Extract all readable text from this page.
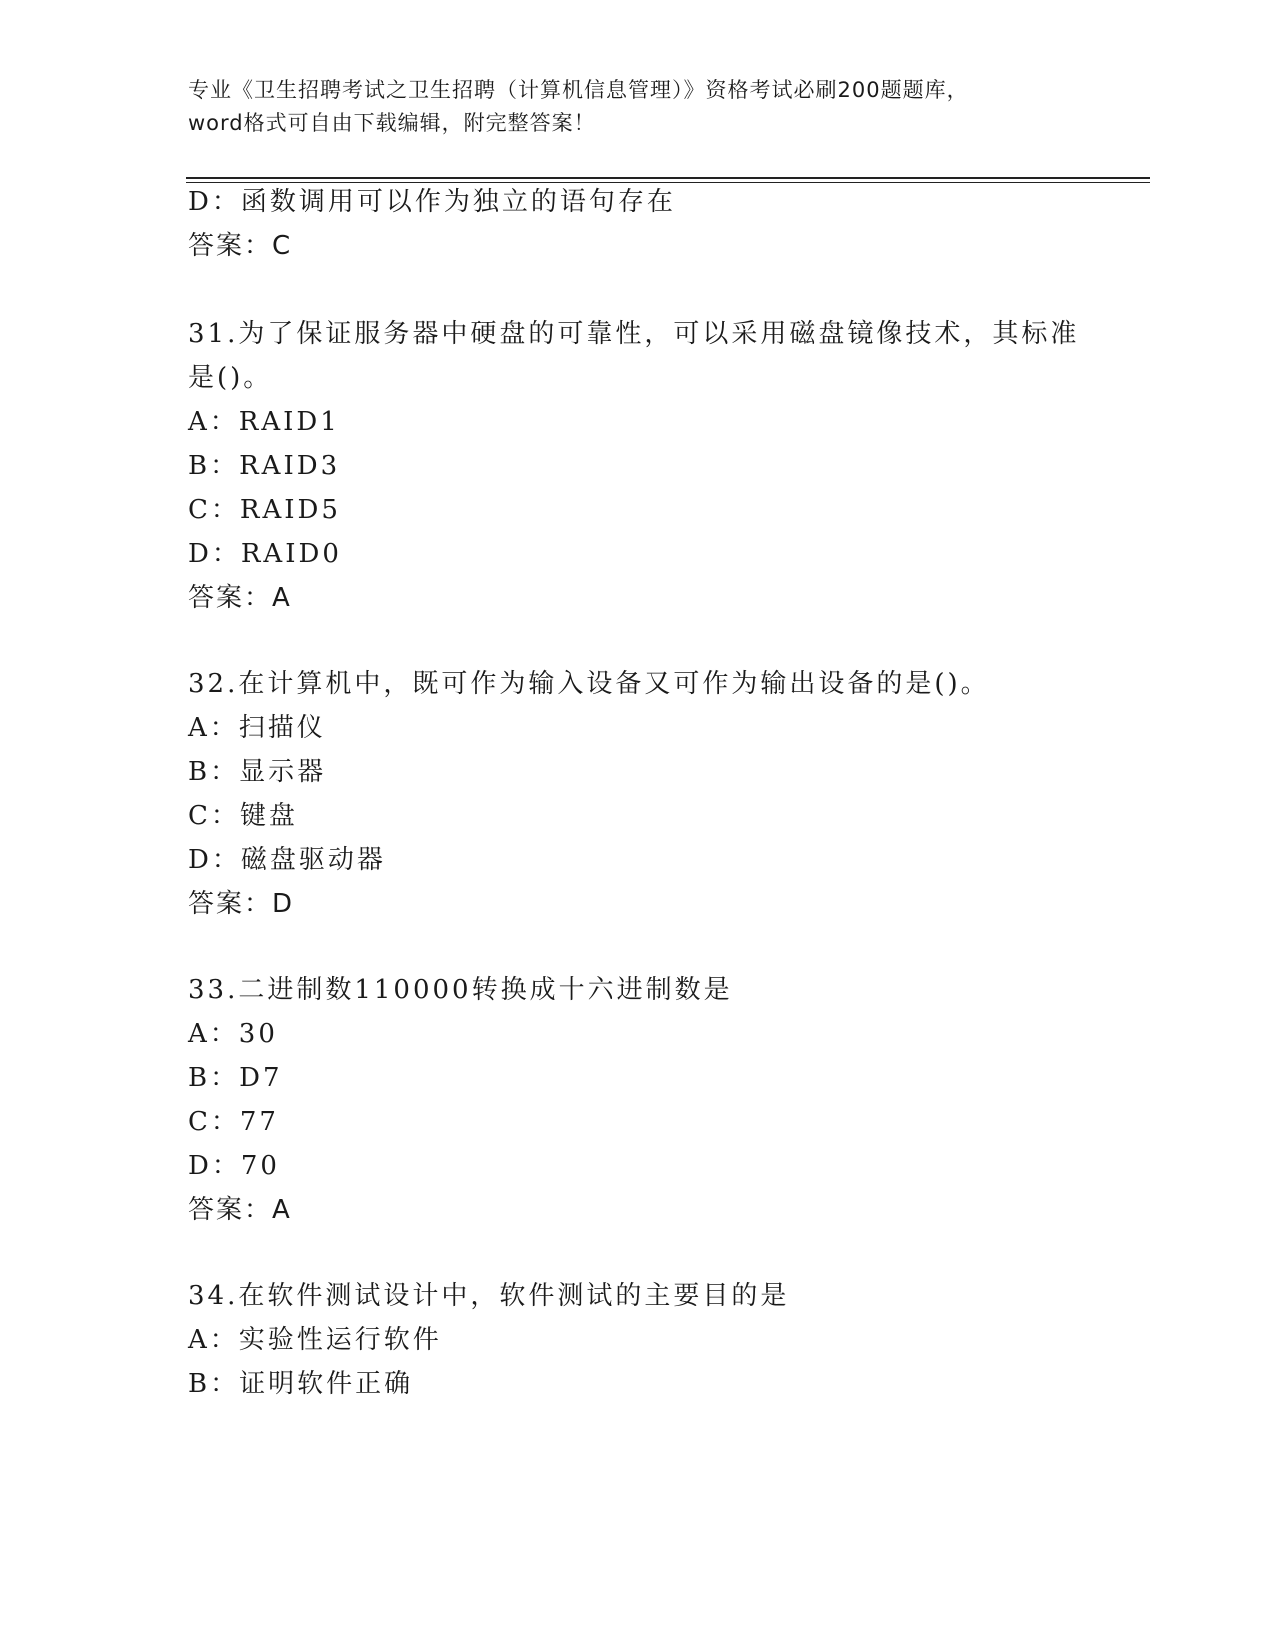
专业《卫生招聘考试之卫生招聘（计算机信息管理）》资格考试必刷200题题库，
word格式可自由下载编辑，附完整答案！
D：函数调用可以作为独立的语句存在
答案：C
31.为了保证服务器中硬盘的可靠性，可以采用磁盘镜像技术，其标准
是()。
A：RAID1
B：RAID3
C：RAID5
D：RAID0
答案：A
32.在计算机中，既可作为输入设备又可作为输出设备的是()。
A：扫描仪
B：显示器
C：键盘
D：磁盘驱动器
答案：D
33.二进制数110000转换成十六进制数是
A：30
B：D7
C：77
D：70
答案：A
34.在软件测试设计中，软件测试的主要目的是
A：实验性运行软件
B：证明软件正确
